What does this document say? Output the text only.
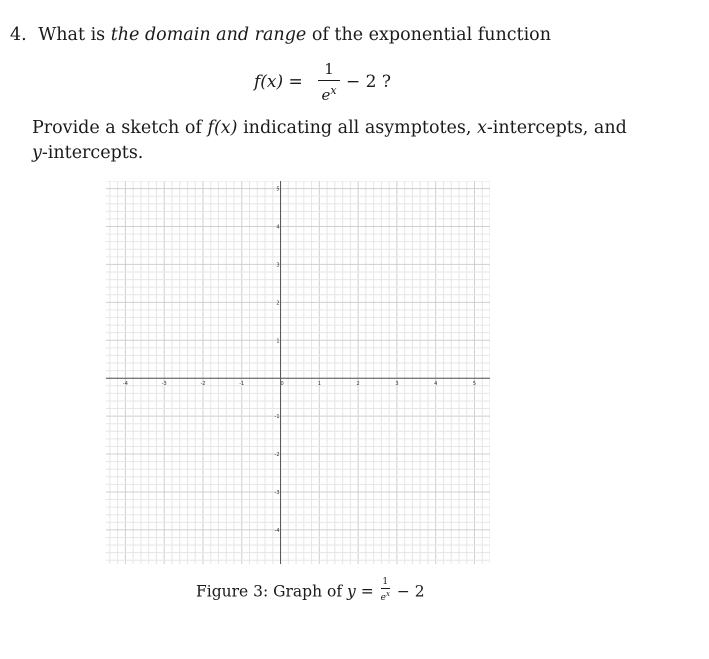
4. What is the domain and range of the exponential function
f(x) =
1
$e^x - 2$ ?
Provide a sketch of f(x) indicating all asymptotes, x-intercepts, and y-intercepts.
-4	-3	-2	-1	0	1	2	3	4	5
5
4
3
2
1
-1
-2
-3
-4
Figure 3: Graph of $y = \frac{1}{e^x} - 2$
